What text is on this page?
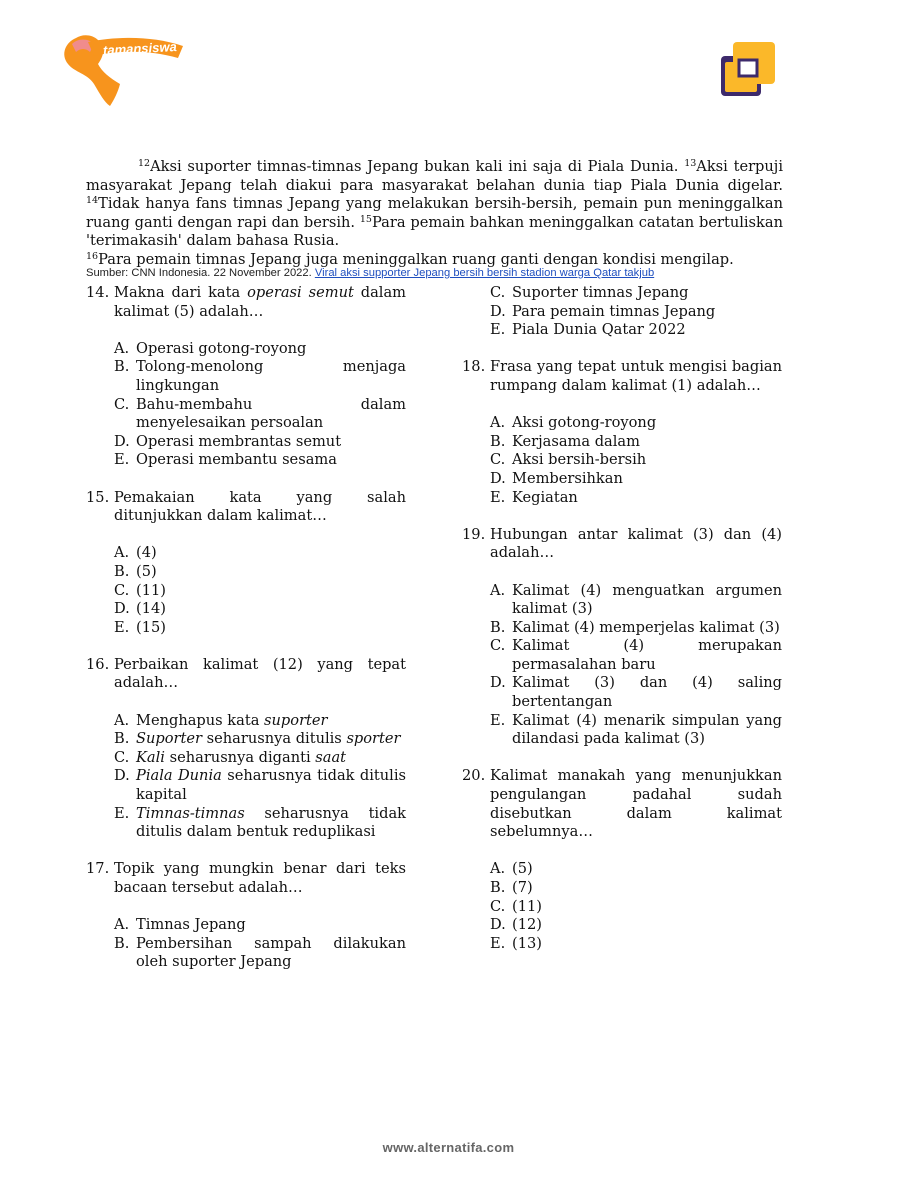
tamansiswa

$^{12}$Aksi suporter timnas-timnas Jepang bukan kali ini saja di Piala Dunia. $^{13}$Aksi terpuji masyarakat Jepang telah diakui para masyarakat belahan dunia tiap Piala Dunia digelar. $^{14}$Tidak hanya fans timnas Jepang yang melakukan bersih-bersih, pemain pun meninggalkan ruang ganti dengan rapi dan bersih. $^{15}$Para pemain bahkan meninggalkan catatan bertuliskan 'terimakasih' dalam bahasa Rusia.
$^{16}$Para pemain timnas Jepang juga meninggalkan ruang ganti dengan kondisi mengilap.

Sumber: CNN Indonesia. 22 November 2022. Viral aksi supporter Jepang bersih bersih stadion warga Qatar takjub
14. Makna dari kata operasi semut dalam kalimat (5) adalah…
A. Operasi gotong-royong
B. Tolong-menolong menjaga lingkungan
C. Bahu-membahu dalam menyelesaikan persoalan
D. Operasi membrantas semut
E. Operasi membantu sesama
15. Pemakaian kata yang salah ditunjukkan dalam kalimat…
A. (4)
B. (5)
C. (11)
D. (14)
E. (15)
16. Perbaikan kalimat (12) yang tepat adalah…
A. Menghapus kata suporter
B. Suporter seharusnya ditulis sporter
C. Kali seharusnya diganti saat
D. Piala Dunia seharusnya tidak ditulis kapital
E. Timnas-timnas seharusnya tidak ditulis dalam bentuk reduplikasi
17. Topik yang mungkin benar dari teks bacaan tersebut adalah…
A. Timnas Jepang
B. Pembersihan sampah dilakukan oleh suporter Jepang
C. Suporter timnas Jepang
D. Para pemain timnas Jepang
E. Piala Dunia Qatar 2022
18. Frasa yang tepat untuk mengisi bagian rumpang dalam kalimat (1) adalah…
A. Aksi gotong-royong
B. Kerjasama dalam
C. Aksi bersih-bersih
D. Membersihkan
E. Kegiatan
19. Hubungan antar kalimat (3) dan (4) adalah…
A. Kalimat (4) menguatkan argumen kalimat (3)
B. Kalimat (4) memperjelas kalimat (3)
C. Kalimat (4) merupakan permasalahan baru
D. Kalimat (3) dan (4) saling bertentangan
E. Kalimat (4) menarik simpulan yang dilandasi pada kalimat (3)
20. Kalimat manakah yang menunjukkan pengulangan padahal sudah disebutkan dalam kalimat sebelumnya…
A. (5)
B. (7)
C. (11)
D. (12)
E. (13)
www.alternatifa.com
